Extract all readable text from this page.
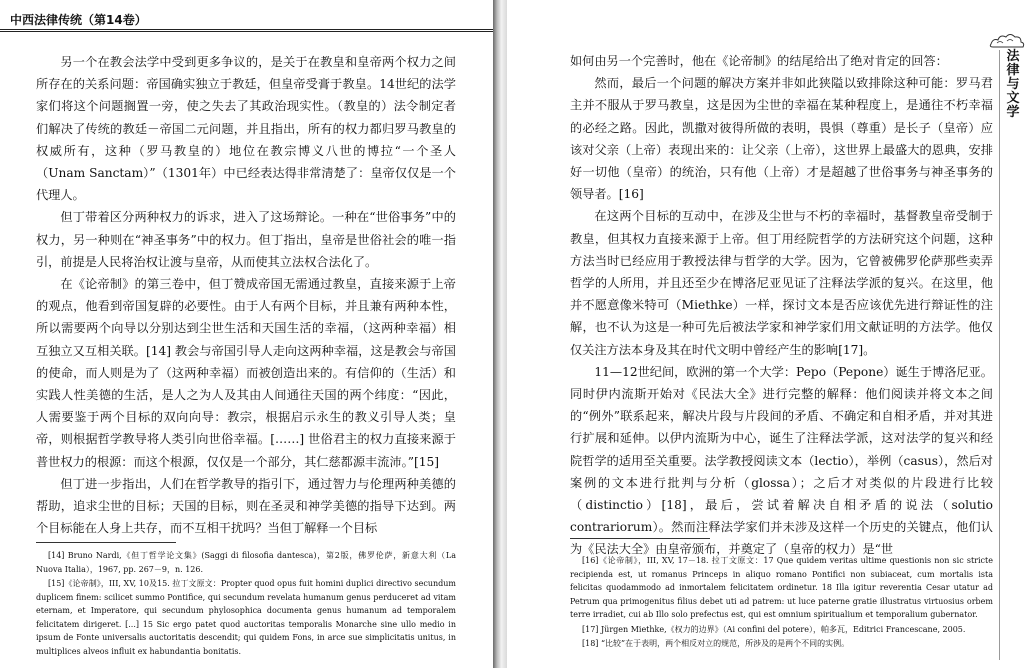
中西法律传统（第14卷）

另一个在教会法学中受到更多争议的，是关于在教皇和皇帝两个权力之间所存在的关系问题：帝国确实独立于教廷，但皇帝受膏于教皇。14世纪的法学家们将这个问题搁置一旁，使之失去了其政治现实性。（教皇的）法令制定者们解决了传统的教廷－帝国二元问题，并且指出，所有的权力都归罗马教皇的权威所有，这种（罗马教皇的）地位在教宗博义八世的博拉“一个圣人（Unam Sanctam）”（1301年）中已经表达得非常清楚了：皇帝仅仅是一个代理人。

但丁带着区分两种权力的诉求，进入了这场辩论。一种在“世俗事务”中的权力，另一种则在“神圣事务”中的权力。但丁指出，皇帝是世俗社会的唯一指引，前提是人民将治权让渡与皇帝，从而使其立法权合法化了。

在《论帝制》的第三卷中，但丁赞成帝国无需通过教皇，直接来源于上帝的观点，他看到帝国复辟的必要性。由于人有两个目标，并且兼有两种本性，所以需要两个向导以分别达到尘世生活和天国生活的幸福，（这两种幸福）相互独立又互相关联。[14] 教会与帝国引导人走向这两种幸福，这是教会与帝国的使命，而人则是为了（这两种幸福）而被创造出来的。有信仰的（生活）和实践人性美德的生活，是人之为人及其由人间通往天国的两个纬度：“因此，人需要鉴于两个目标的双向向导：教宗，根据启示永生的教义引导人类；皇帝，则根据哲学教导将人类引向世俗幸福。[……] 世俗君主的权力直接来源于普世权力的根源：而这个根源，仅仅是一个部分，其仁慈都源丰流沛。”[15]

但丁进一步指出，人们在哲学教导的指引下，通过智力与伦理两种美德的帮助，追求尘世的目标；天国的目标，则在圣灵和神学美德的指导下达到。两个目标能在人身上共存，而不互相干扰吗？当但丁解释一个目标

[14] Bruno Nardi,《但丁哲学论文集》(Saggi di filosofia dantesca)，第2版，佛罗伦萨，新意大利（La Nuova Italia），1967, pp. 267－9，n. 126.

[15]《论帝制》，III, XV, 10及15. 拉丁文原文：Propter quod opus fuit homini duplici directivo secundum duplicem finem: scilicet summo Pontifice, qui secundum revelata humanum genus perduceret ad vitam eternam, et Imperatore, qui secundum phylosophica documenta genus humanum ad temporalem felicitatem dirigeret. [...] 15 Sic ergo patet quod auctoritas temporalis Monarche sine ullo medio in ipsum de Fonte universalis auctoritatis descendit; qui quidem Fons, in arce sue simplicitatis unitus, in multiplices alveos influit ex habundantia bonitatis.

法律与文学

如何由另一个完善时，他在《论帝制》的结尾给出了绝对肯定的回答：

然而，最后一个问题的解决方案并非如此狭隘以致排除这种可能：罗马君主并不服从于罗马教皇，这是因为尘世的幸福在某种程度上，是通往不朽幸福的必经之路。因此，凯撒对彼得所做的表明，畏惧（尊重）是长子（皇帝）应该对父亲（上帝）表现出来的：让父亲（上帝），这世界上最盛大的恩典，安排好一切他（皇帝）的统治，只有他（上帝）才是超越了世俗事务与神圣事务的领导者。[16]

在这两个目标的互动中，在涉及尘世与不朽的幸福时，基督教皇帝受制于教皇，但其权力直接来源于上帝。但丁用经院哲学的方法研究这个问题，这种方法当时已经应用于教授法律与哲学的大学。因为，它曾被佛罗伦萨那些卖弄哲学的人所用，并且还至少在博洛尼亚见证了注释法学派的复兴。在这里，他并不愿意像米特可（Miethke）一样，探讨文本是否应该优先进行辩证性的注解，也不认为这是一种可先后被法学家和神学家们用文献证明的方法学。他仅仅关注方法本身及其在时代文明中曾经产生的影响[17]。

11—12世纪间，欧洲的第一个大学：Pepo（Pepone）诞生于博洛尼亚。同时伊内流斯开始对《民法大全》进行完整的解释：他们阅读并将文本之间的“例外”联系起来，解决片段与片段间的矛盾、不确定和自相矛盾，并对其进行扩展和延伸。以伊内流斯为中心，诞生了注释法学派，这对法学的复兴和经院哲学的适用至关重要。法学教授阅读文本（lectio），举例（casus），然后对案例的文本进行批判与分析（glossa）；之后才对类似的片段进行比较（distinctio）[18]，最后，尝试着解决自相矛盾的说法（solutio contrariorum）。然而注释法学家们并未涉及这样一个历史的关键点，他们认为《民法大全》由皇帝颁布，并奠定了（皇帝的权力）是“世

[16]《论帝制》，III, XV, 17－18. 拉丁文原文：17 Que quidem veritas ultime questionis non sic stricte recipienda est, ut romanus Princeps in aliquo romano Pontifici non subiaceat, cum mortalis ista felicitas quodammodo ad inmortalem felicitatem ordinetur. 18 Illa igitur reverentia Cesar utatur ad Petrum qua primogenitus filius debet uti ad patrem: ut luce paterne gratie illustratus virtuosius orbem terre irradiet, cui ab Illo solo prefectus est, qui est omnium spiritualium et temporalium gubernator.

[17] Jürgen Miethke,《权力的边界》（Ai confini del potere），帕多瓦，Editrici Francescane, 2005.

[18] “比较”在于表明，两个相反对立的规范，所涉及的是两个不同的实例。
